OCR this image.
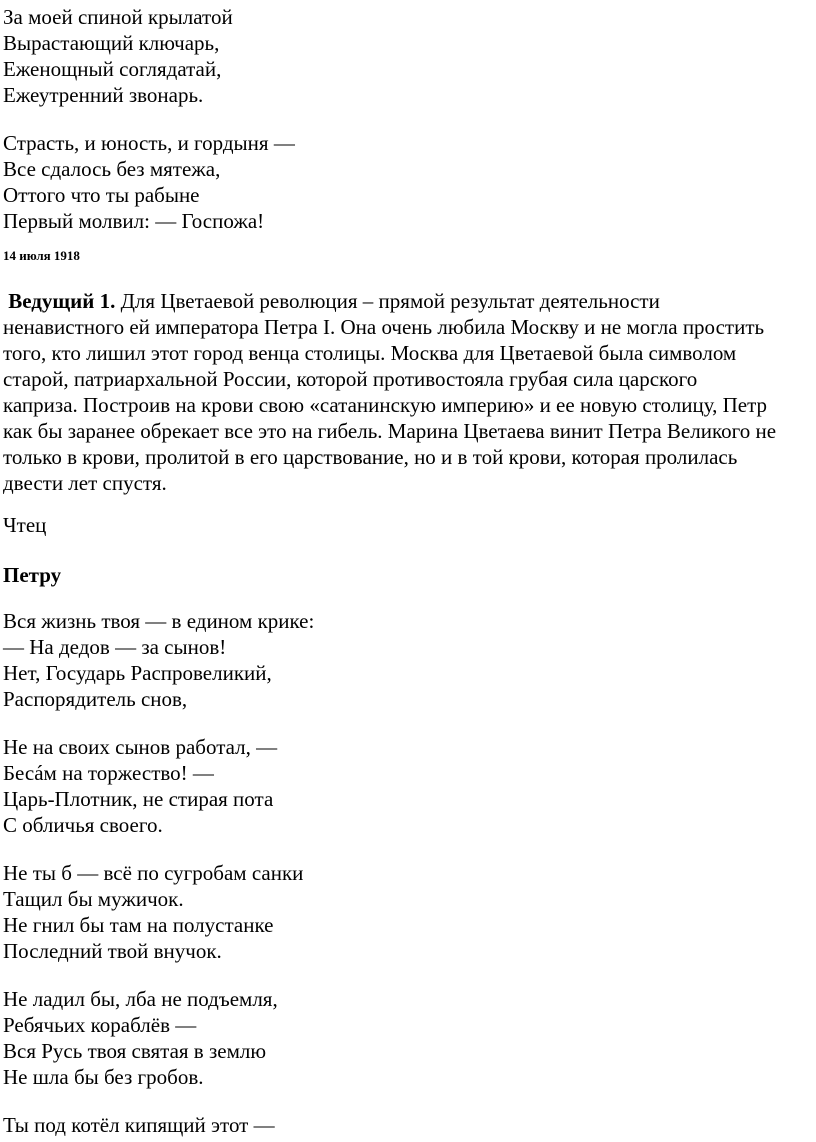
За моей спиной крылатой

Вырастающий ключарь,

Еженощный соглядатай,

Ежеутренний звонарь.

Страсть, и юность, и гордыня —

Все сдалось без мятежа,

Оттого что ты рабыне

Первый молвил: — Госпожа!

14 июля 1918

Ведущий 1. Для Цветаевой революция – прямой результат деятельности
ненавистного ей императора Петра I. Она очень любила Москву и не могла простить
того, кто лишил этот город венца столицы. Москва для Цветаевой была символом
старой, патриархальной России, которой противостояла грубая сила царского
каприза. Построив на крови свою «сатанинскую империю» и ее новую столицу, Петр
как бы заранее обрекает все это на гибель. Марина Цветаева винит Петра Великого не
только в крови, пролитой в его царствование, но и в той крови, которая пролилась
двести лет спустя.

Чтец

Петру

Вся жизнь твоя — в едином крике:

— На дедов — за сынов!

Нет, Государь Распровеликий,

Распорядитель снов,

Не на своих сынов работал, —

Бесáм на торжество! —

Царь-Плотник, не стирая пота

С обличья своего.

Не ты б — всё по сугробам санки

Тащил бы мужичок.

Не гнил бы там на полустанке

Последний твой внучок.

Не ладил бы, лба не подъемля,

Ребячьих кораблёв —

Вся Русь твоя святая в землю

Не шла бы без гробов.

Ты под котёл кипящий этот —
